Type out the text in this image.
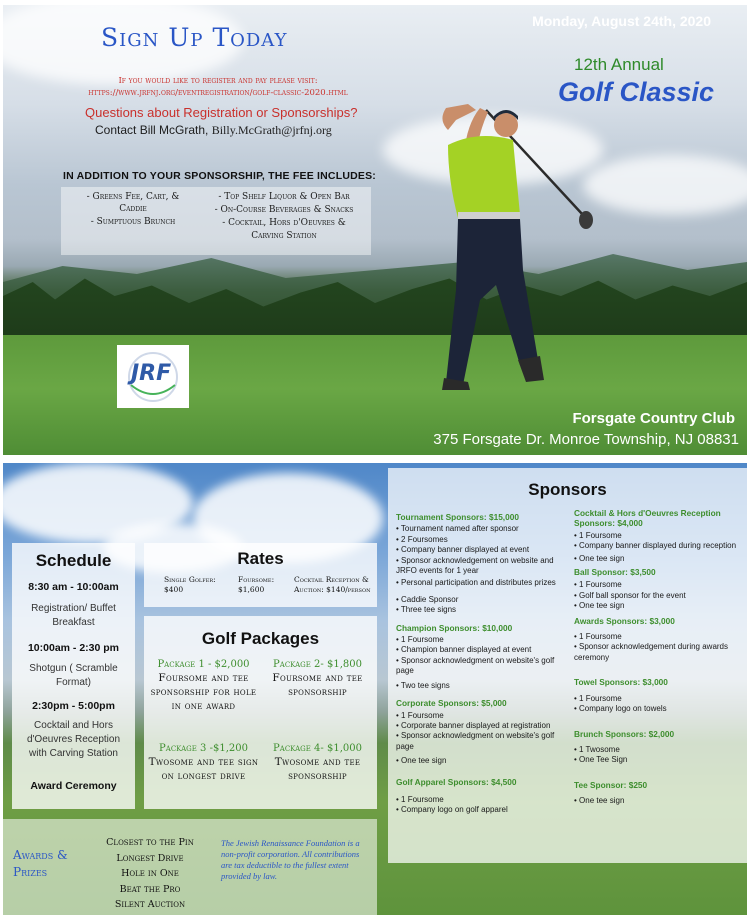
Sign Up Today
If you would like to register and pay please visit:
https://www.jrfnj.org/eventregistration/golf-classic-2020.html
Questions about Registration or Sponsorships?
Contact Bill McGrath, Billy.McGrath@jrfnj.org
IN ADDITION TO YOUR SPONSORSHIP, THE FEE INCLUDES:
- Greens Fee, Cart, &
Caddie
- Sumptuous Brunch
- Top Shelf Liquor & Open Bar
- On-Course Beverages & Snacks
- Cocktail, Hors d'Oeuvres &
Carving Station
Monday, August 24th, 2020
12th Annual
Golf Classic
JRF
Forsgate Country Club
375 Forsgate Dr. Monroe Township, NJ 08831
Schedule
8:30 am - 10:00am
Registration/ Buffet Breakfast
10:00am - 2:30 pm
Shotgun ( Scramble Format)
2:30pm - 5:00pm
Cocktail and Hors d'Oeuvres Reception with Carving Station
Award Ceremony
Rates
Single Golfer: $400
Foursome: $1,600
Cocktail Reception & Auction: $140/person
Golf Packages
Package 1 - $2,000
Foursome and tee sponsorship for hole in one award
Package 2- $1,800
Foursome and tee sponsorship
Package 3 -$1,200
Twosome and tee sign on longest drive
Package 4- $1,000
Twosome and tee sponsorship
Awards & Prizes
Closest to the Pin
Longest Drive
Hole in One
Beat the Pro
Silent Auction
The Jewish Renaissance Foundation is a non-profit corporation. All contributions are tax deductible to the fullest extent provided by law.
Sponsors
Tournament Sponsors: $15,000
• Tournament named after sponsor
• 2 Foursomes
• Company banner displayed at event
• Sponsor acknowledgement on website and JRFO events for 1 year
• Personal participation and distributes prizes
• Caddie Sponsor
• Three tee signs
Champion Sponsors: $10,000
• 1 Foursome
• Champion banner displayed at event
• Sponsor acknowledgment on website's golf page
• Two tee signs
Corporate Sponsors: $5,000
• 1 Foursome
• Corporate banner displayed at registration
• Sponsor acknowledgment on website's golf page
• One tee sign
Golf Apparel Sponsors: $4,500
• 1 Foursome
• Company logo on golf apparel
Cocktail & Hors d'Oeuvres Reception Sponsors: $4,000
• 1 Foursome
• Company banner displayed during reception
• One tee sign
Ball Sponsor: $3,500
• 1 Foursome
• Golf ball sponsor for the event
• One tee sign
Awards Sponsors: $3,000
• 1 Foursome
• Sponsor acknowledgement during awards ceremony
Towel Sponsors: $3,000
• 1 Foursome
• Company logo on towels
Brunch Sponsors: $2,000
• 1 Twosome
• One Tee Sign
Tee Sponsor: $250
• One tee sign
